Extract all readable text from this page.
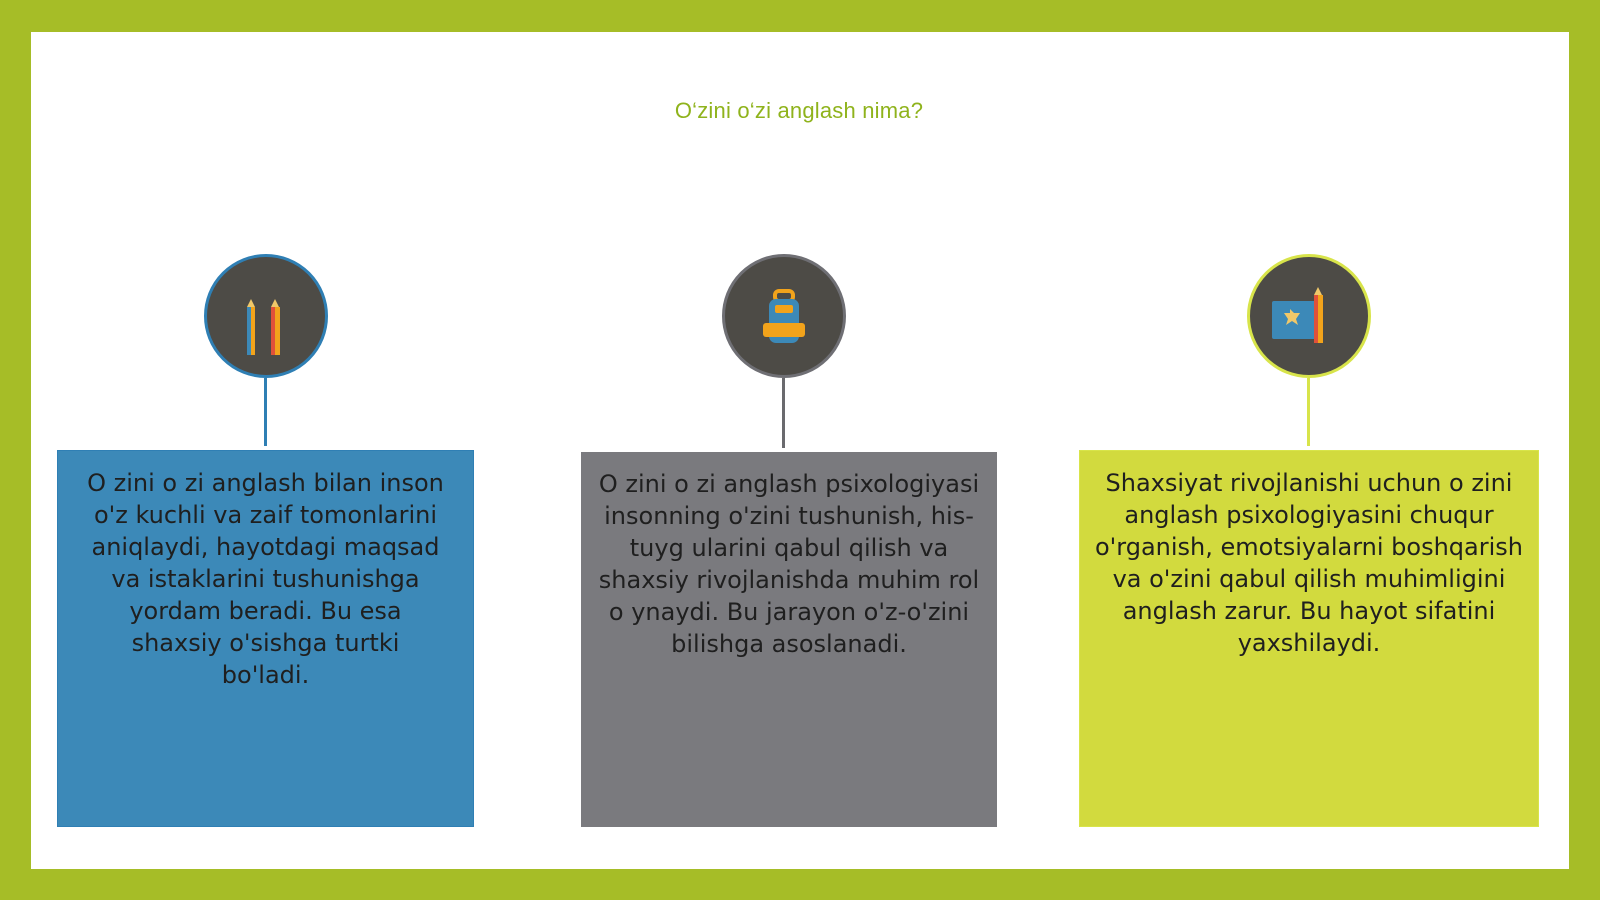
O‘zini o‘zi anglash nima?
O zini o zi anglash bilan inson o'z kuchli va zaif tomonlarini aniqlaydi, hayotdagi maqsad va istaklarini tushunishga yordam beradi. Bu esa shaxsiy o'sishga turtki bo'ladi.
O zini o zi anglash psixologiyasi insonning o'zini tushunish, his-tuyg ularini qabul qilish va shaxsiy rivojlanishda muhim rol o ynaydi. Bu jarayon o'z-o'zini bilishga asoslanadi.
Shaxsiyat rivojlanishi uchun o zini anglash psixologiyasini chuqur o'rganish, emotsiyalarni boshqarish va o'zini qabul qilish muhimligini anglash zarur. Bu hayot sifatini yaxshilaydi.
